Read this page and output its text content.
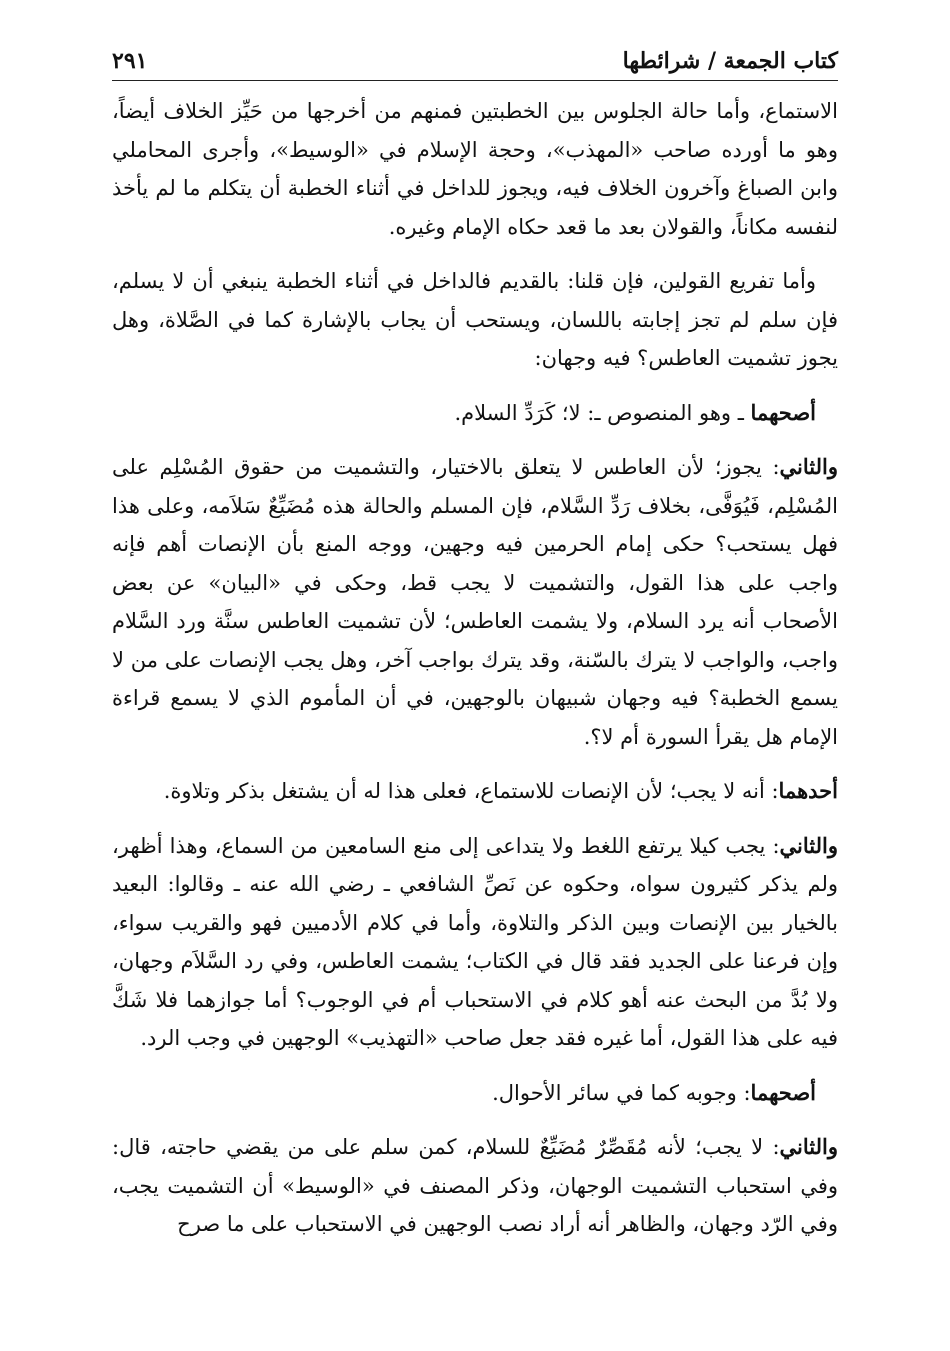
٢٩١	كتاب الجمعة / شرائطها

الاستماع، وأما حالة الجلوس بين الخطبتين فمنهم من أخرجها من حَيِّز الخلاف أيضاً، وهو ما أورده صاحب «المهذب»، وحجة الإسلام في «الوسيط»، وأجرى المحاملي وابن الصباغ وآخرون الخلاف فيه، ويجوز للداخل في أثناء الخطبة أن يتكلم ما لم يأخذ لنفسه مكاناً، والقولان بعد ما قعد حكاه الإمام وغيره.

وأما تفريع القولين، فإن قلنا: بالقديم فالداخل في أثناء الخطبة ينبغي أن لا يسلم، فإن سلم لم تجز إجابته باللسان، ويستحب أن يجاب بالإشارة كما في الصَّلاة، وهل يجوز تشميت العاطس؟ فيه وجهان:

أصحهما ـ وهو المنصوص ـ: لا؛ كَرَدِّ السلام.

والثاني: يجوز؛ لأن العاطس لا يتعلق بالاختيار، والتشميت من حقوق المُسْلِم على المُسْلِم، فَيُوَفَّى، بخلاف رَدِّ السَّلام، فإن المسلم والحالة هذه مُضَيِّعٌ سَلاَمه، وعلى هذا فهل يستحب؟ حكى إمام الحرمين فيه وجهين، ووجه المنع بأن الإنصات أهم فإنه واجب على هذا القول، والتشميت لا يجب قط، وحكى في «البيان» عن بعض الأصحاب أنه يرد السلام، ولا يشمت العاطس؛ لأن تشميت العاطس سنَّة ورد السَّلام واجب، والواجب لا يترك بالسّنة، وقد يترك بواجب آخر، وهل يجب الإنصات على من لا يسمع الخطبة؟ فيه وجهان شبيهان بالوجهين، في أن المأموم الذي لا يسمع قراءة الإمام هل يقرأ السورة أم لا؟.

أحدهما: أنه لا يجب؛ لأن الإنصات للاستماع، فعلى هذا له أن يشتغل بذكر وتلاوة.

والثاني: يجب كيلا يرتفع اللغط ولا يتداعى إلى منع السامعين من السماع، وهذا أظهر، ولم يذكر كثيرون سواه، وحكوه عن نَصِّ الشافعي ـ رضي الله عنه ـ وقالوا: البعيد بالخيار بين الإنصات وبين الذكر والتلاوة، وأما في كلام الأدميين فهو والقريب سواء، وإن فرعنا على الجديد فقد قال في الكتاب؛ يشمت العاطس، وفي رد السَّلاَم وجهان، ولا بُدَّ من البحث عنه أهو كلام في الاستحباب أم في الوجوب؟ أما جوازهما فلا شَكَّ فيه على هذا القول، أما غيره فقد جعل صاحب «التهذيب» الوجهين في وجب الرد.

أصحهما: وجوبه كما في سائر الأحوال.

والثاني: لا يجب؛ لأنه مُقَصِّرٌ مُضَيِّعٌ للسلام، كمن سلم على من يقضي حاجته، قال: وفي استحباب التشميت الوجهان، وذكر المصنف في «الوسيط» أن التشميت يجب، وفي الرّد وجهان، والظاهر أنه أراد نصب الوجهين في الاستحباب على ما صرح
